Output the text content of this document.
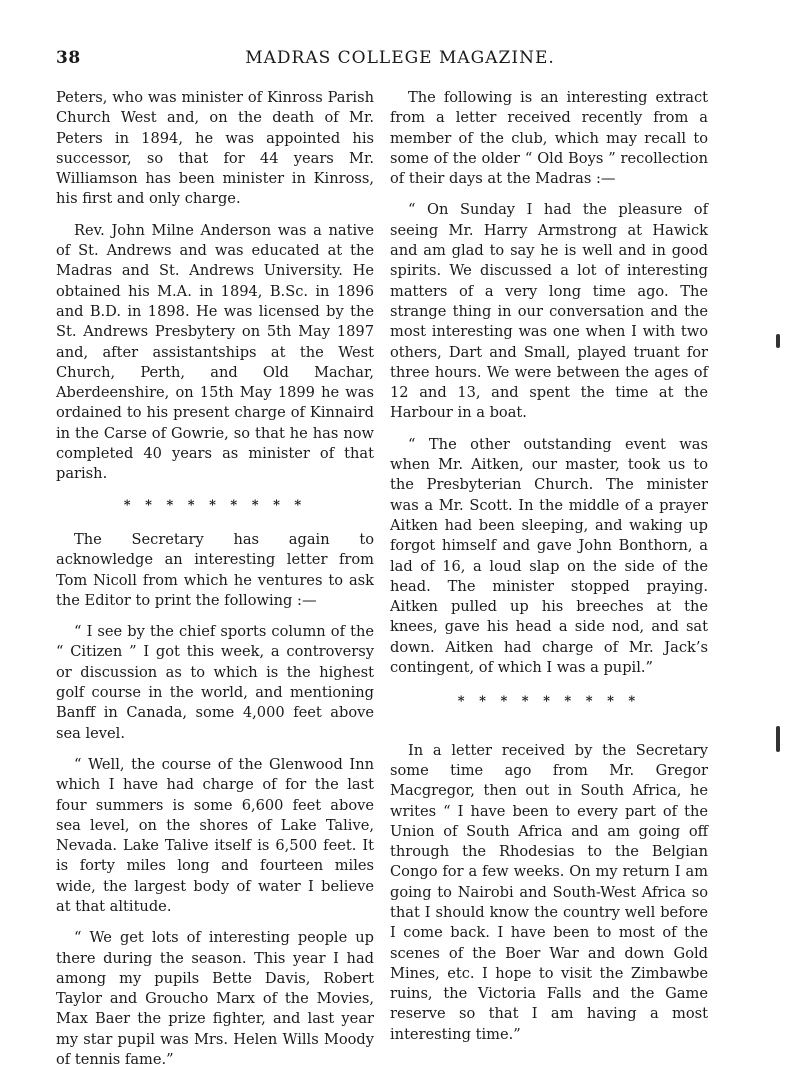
38	MADRAS COLLEGE MAGAZINE.

Peters, who was minister of Kinross Parish Church West and, on the death of Mr. Peters in 1894, he was appointed his successor, so that for 44 years Mr. Williamson has been minister in Kinross, his first and only charge.

Rev. John Milne Anderson was a native of St. Andrews and was educated at the Madras and St. Andrews University. He obtained his M.A. in 1894, B.Sc. in 1896 and B.D. in 1898. He was licensed by the St. Andrews Presbytery on 5th May 1897 and, after assistantships at the West Church, Perth, and Old Machar, Aberdeenshire, on 15th May 1899 he was ordained to his present charge of Kinnaird in the Carse of Gowrie, so that he has now completed 40 years as minister of that parish.

* * * * * * * * *

The Secretary has again to acknowledge an interesting letter from Tom Nicoll from which he ventures to ask the Editor to print the following :—

“ I see by the chief sports column of the “ Citizen ” I got this week, a controversy or discussion as to which is the highest golf course in the world, and mentioning Banff in Canada, some 4,000 feet above sea level.

“ Well, the course of the Glenwood Inn which I have had charge of for the last four summers is some 6,600 feet above sea level, on the shores of Lake Talive, Nevada. Lake Talive itself is 6,500 feet. It is forty miles long and fourteen miles wide, the largest body of water I believe at that altitude.

“ We get lots of interesting people up there during the season. This year I had among my pupils Bette Davis, Robert Taylor and Groucho Marx of the Movies, Max Baer the prize fighter, and last year my star pupil was Mrs. Helen Wills Moody of tennis fame.”

The following is an interesting extract from a letter received recently from a member of the club, which may recall to some of the older “ Old Boys ” recollection of their days at the Madras :—

“ On Sunday I had the pleasure of seeing Mr. Harry Armstrong at Hawick and am glad to say he is well and in good spirits. We discussed a lot of interesting matters of a very long time ago. The strange thing in our conversation and the most interesting was one when I with two others, Dart and Small, played truant for three hours. We were between the ages of 12 and 13, and spent the time at the Harbour in a boat.

“ The other outstanding event was when Mr. Aitken, our master, took us to the Presbyterian Church. The minister was a Mr. Scott. In the middle of a prayer Aitken had been sleeping, and waking up forgot himself and gave John Bonthorn, a lad of 16, a loud slap on the side of the head. The minister stopped praying. Aitken pulled up his breeches at the knees, gave his head a side nod, and sat down. Aitken had charge of Mr. Jack’s contingent, of which I was a pupil.”

* * * * * * * * *

In a letter received by the Secretary some time ago from Mr. Gregor Macgregor, then out in South Africa, he writes “ I have been to every part of the Union of South Africa and am going off through the Rhodesias to the Belgian Congo for a few weeks. On my return I am going to Nairobi and South-West Africa so that I should know the country well before I come back. I have been to most of the scenes of the Boer War and down Gold Mines, etc. I hope to visit the Zimbawbe ruins, the Victoria Falls and the Game reserve so that I am having a most interesting time.”
